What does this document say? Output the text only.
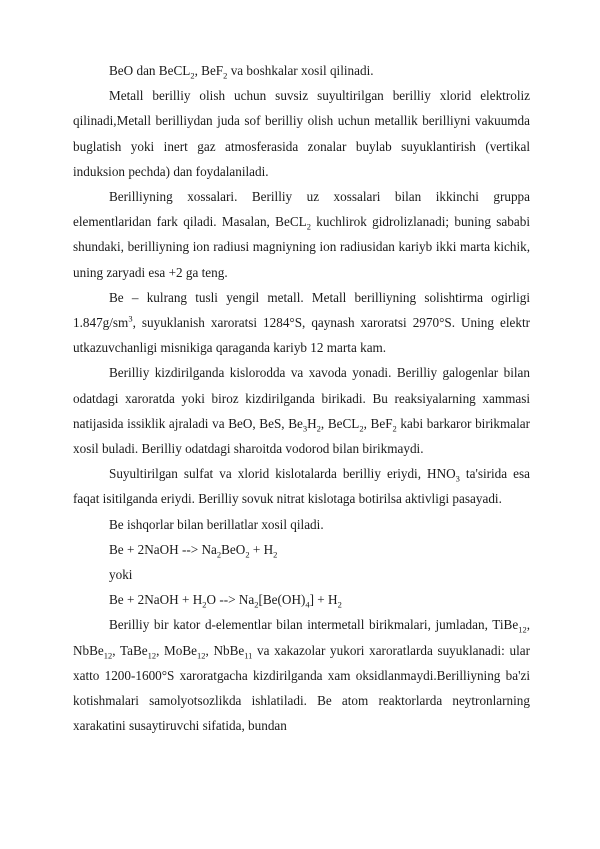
BeO dan BeCL$_2$, BeF$_2$ va boshkalar xosil qilinadi.

Metall berilliy olish uchun suvsiz suyultirilgan berilliy xlorid elektroliz qilinadi,Metall berilliydan juda sof berilliy olish uchun metallik berilliyni vakuumda buglatish yoki inert gaz atmosferasida zonalar buylab suyuklantirish (vertikal induksion pechda) dan foydalaniladi.

Berilliyning xossalari. Berilliy uz xossalari bilan ikkinchi gruppa elementlaridan fark qiladi. Masalan, BeCL$_2$ kuchlirok gidrolizlanadi; buning sababi shundaki, berilliyning ion radiusi magniyning ion radiusidan kariyb ikki marta kichik, uning zaryadi esa +2 ga teng.

Be – kulrang tusli yengil metall. Metall berilliyning solishtirma ogirligi $1.847g/sm^3$, suyuklanish xaroratsi 1284°S, qaynash xaroratsi 2970°S. Uning elektr utkazuvchanligi misnikiga qaraganda kariyb 12 marta kam.

Berilliy kizdirilganda kislorodda va xavoda yonadi. Berilliy galogenlar bilan odatdagi xaroratda yoki biroz kizdirilganda birikadi. Bu reaksiyalarning xammasi natijasida issiklik ajraladi va BeO, BeS, $Be_3H_2$, BeCL$_2$, BeF$_2$ kabi barkaror birikmalar xosil buladi. Berilliy odatdagi sharoitda vodorod bilan birikmaydi.

Suyultirilgan sulfat va xlorid kislotalarda berilliy eriydi, $HNO_3$ ta'sirida esa faqat isitilganda eriydi. Berilliy sovuk nitrat kislotaga botirilsa aktivligi pasayadi.

Be ishqorlar bilan berillatlar xosil qiladi.

Be + 2NaOH --> $Na_2BeO_2 + H_2$

yoki

Be + 2NaOH + $H_2O$ --> $Na_2[Be(OH)_4] + H_2$

Berilliy bir kator d-elementlar bilan intermetall birikmalari, jumladan, TiBe$_{12}$, NbBe$_{12}$, TaBe$_{12}$, MoBe$_{12}$, NbBe$_{11}$ va xakazolar yukori xaroratlarda suyuklanadi: ular xatto 1200-1600°S xaroratgacha kizdirilganda xam oksidlanmaydi.Berilliyning ba'zi kotishmalari samolyotsozlikda ishlatiladi. Be atom reaktorlarda neytronlarning xarakatini susaytiruvchi sifatida, bundan
